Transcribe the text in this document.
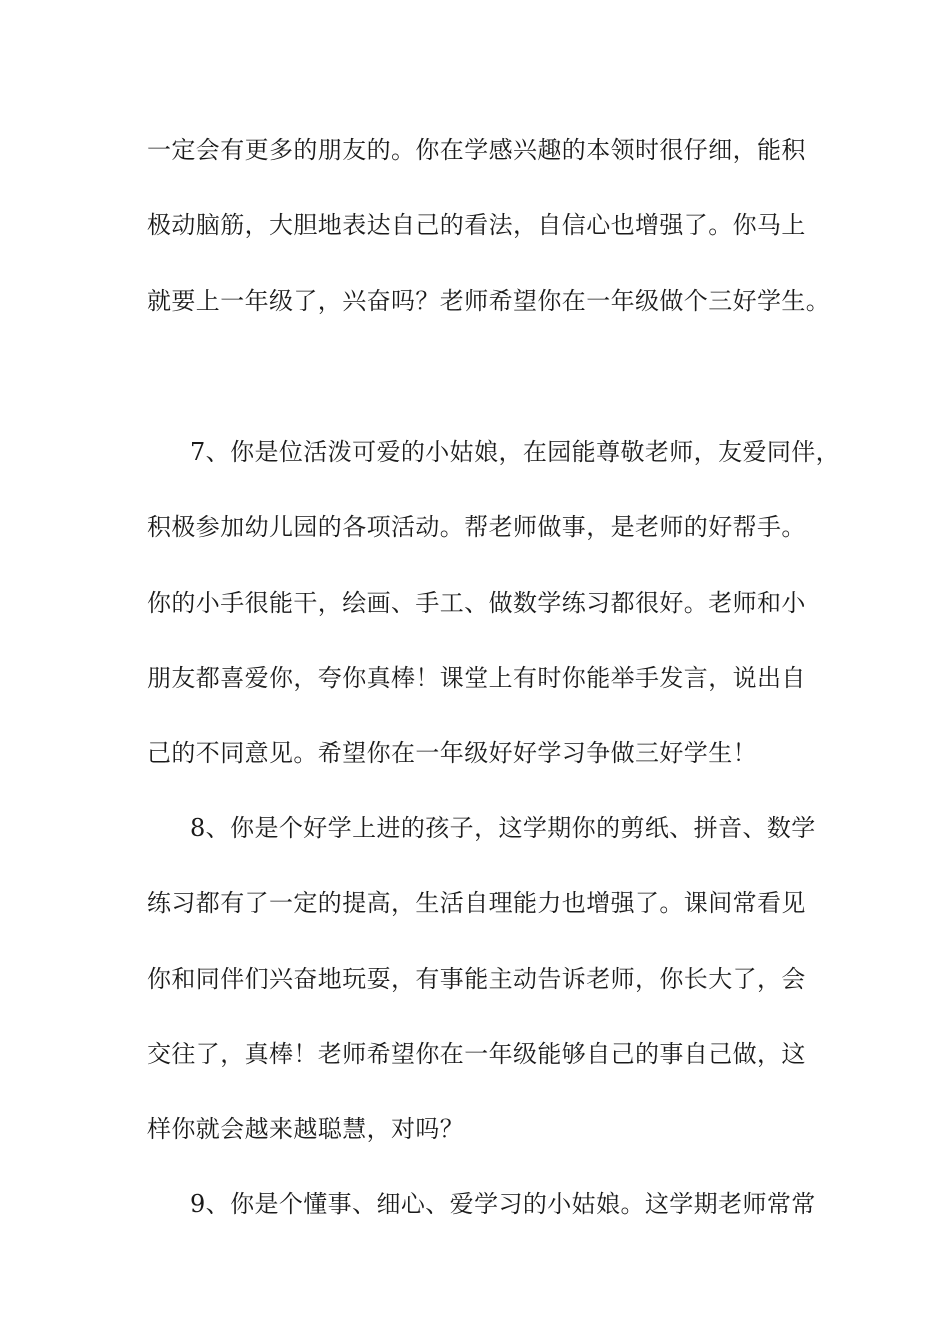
一定会有更多的朋友的。你在学感兴趣的本领时很仔细，能积
极动脑筋，大胆地表达自己的看法，自信心也增强了。你马上
就要上一年级了，兴奋吗？老师希望你在一年级做个三好学生。
7、你是位活泼可爱的小姑娘，在园能尊敬老师，友爱同伴，
积极参加幼儿园的各项活动。帮老师做事，是老师的好帮手。
你的小手很能干，绘画、手工、做数学练习都很好。老师和小
朋友都喜爱你，夸你真棒！课堂上有时你能举手发言，说出自
己的不同意见。希望你在一年级好好学习争做三好学生！
8、你是个好学上进的孩子，这学期你的剪纸、拼音、数学
练习都有了一定的提高，生活自理能力也增强了。课间常看见
你和同伴们兴奋地玩耍，有事能主动告诉老师，你长大了，会
交往了，真棒！老师希望你在一年级能够自己的事自己做，这
样你就会越来越聪慧，对吗？
9、你是个懂事、细心、爱学习的小姑娘。这学期老师常常
